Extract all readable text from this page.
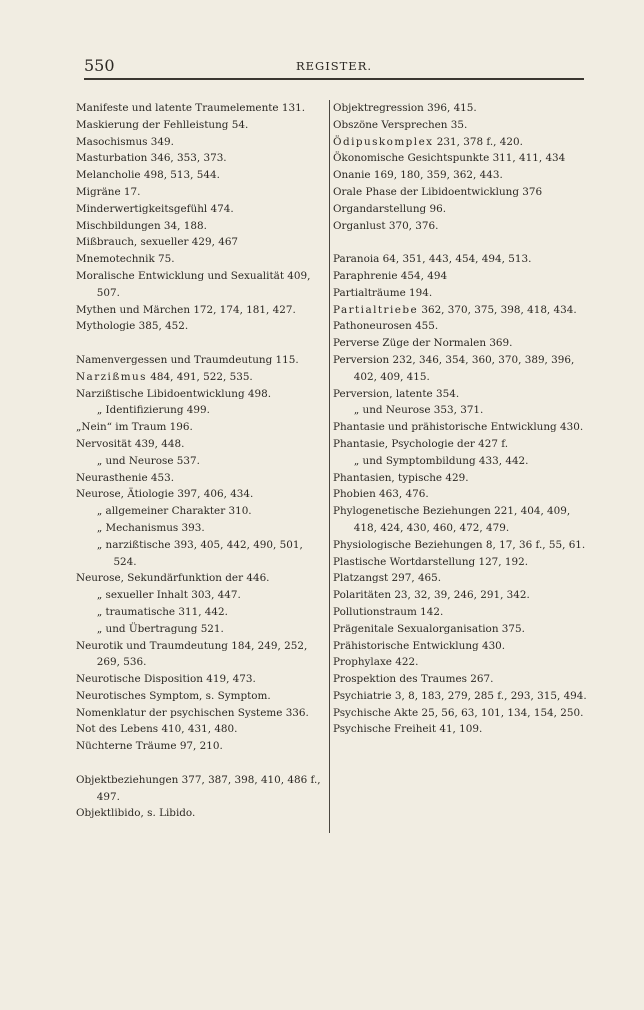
550	REGISTER.
Manifeste und latente Traumelemente 131.
Maskierung der Fehlleistung 54.
Masochismus 349.
Masturbation 346, 353, 373.
Melancholie 498, 513, 544.
Migräne 17.
Minderwertigkeitsgefühl 474.
Mischbildungen 34, 188.
Mißbrauch, sexueller 429, 467
Mnemotechnik 75.
Moralische Entwicklung und Sexualität 409, 507.
Mythen und Märchen 172, 174, 181, 427.
Mythologie 385, 452.
Namenvergessen und Traumdeutung 115.
Narzißmus 484, 491, 522, 535.
Narzißtische Libidoentwicklung 498.
„ Identifizierung 499.
„Nein“ im Traum 196.
Nervosität 439, 448.
„ und Neurose 537.
Neurasthenie 453.
Neurose, Ätiologie 397, 406, 434.
„ allgemeiner Charakter 310.
„ Mechanismus 393.
„ narzißtische 393, 405, 442, 490, 501, 524.
Neurose, Sekundärfunktion der 446.
„ sexueller Inhalt 303, 447.
„ traumatische 311, 442.
„ und Übertragung 521.
Neurotik und Traumdeutung 184, 249, 252, 269, 536.
Neurotische Disposition 419, 473.
Neurotisches Symptom, s. Symptom.
Nomenklatur der psychischen Systeme 336.
Not des Lebens 410, 431, 480.
Nüchterne Träume 97, 210.
Objektbeziehungen 377, 387, 398, 410, 486 f., 497.
Objektlibido, s. Libido.
Objektregression 396, 415.
Obszöne Versprechen 35.
Ödipuskomplex 231, 378 f., 420.
Ökonomische Gesichtspunkte 311, 411, 434
Onanie 169, 180, 359, 362, 443.
Orale Phase der Libidoentwicklung 376
Organdarstellung 96.
Organlust 370, 376.
Paranoia 64, 351, 443, 454, 494, 513.
Paraphrenie 454, 494
Partialträume 194.
Partialtriebe 362, 370, 375, 398, 418, 434.
Pathoneurosen 455.
Perverse Züge der Normalen 369.
Perversion 232, 346, 354, 360, 370, 389, 396, 402, 409, 415.
Perversion, latente 354.
„ und Neurose 353, 371.
Phantasie und prähistorische Entwicklung 430.
Phantasie, Psychologie der 427 f.
„ und Symptombildung 433, 442.
Phantasien, typische 429.
Phobien 463, 476.
Phylogenetische Beziehungen 221, 404, 409, 418, 424, 430, 460, 472, 479.
Physiologische Beziehungen 8, 17, 36 f., 55, 61.
Plastische Wortdarstellung 127, 192.
Platzangst 297, 465.
Polaritäten 23, 32, 39, 246, 291, 342.
Pollutionstraum 142.
Prägenitale Sexualorganisation 375.
Prähistorische Entwicklung 430.
Prophylaxe 422.
Prospektion des Traumes 267.
Psychiatrie 3, 8, 183, 279, 285 f., 293, 315, 494.
Psychische Akte 25, 56, 63, 101, 134, 154, 250.
Psychische Freiheit 41, 109.
